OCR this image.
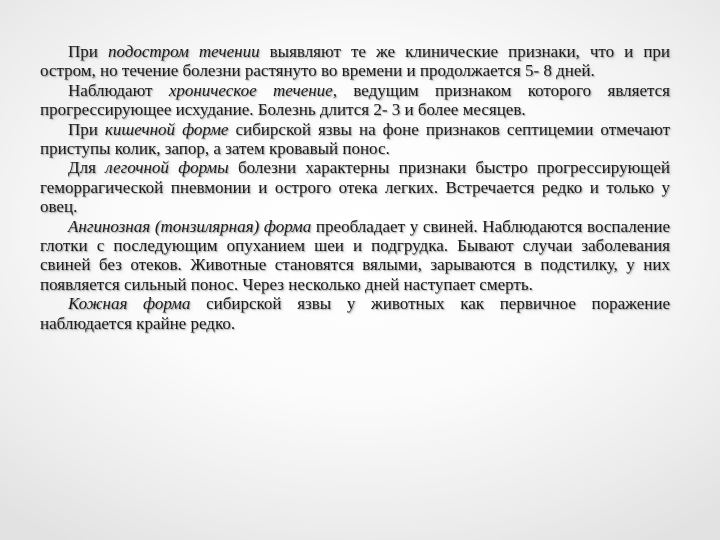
При подостром течении выявляют те же клинические признаки, что и при остром, но течение болезни растянуто во времени и продолжается 5- 8 дней.

Наблюдают хроническое течение, ведущим признаком которого является прогрессирующее исхудание. Болезнь длится 2- 3 и более месяцев.

При кишечной форме сибирской язвы на фоне признаков септицемии отмечают приступы колик, запор, а затем кровавый понос.

Для легочной формы болезни характерны признаки быстро прогрессирующей геморрагической пневмонии и острого отека легких. Встречается редко и только у овец.

Ангинозная (тонзилярная) форма преобладает у свиней. Наблюдаются воспаление глотки с последующим опуханием шеи и подгрудка. Бывают случаи заболевания свиней без отеков. Животные становятся вялыми, зарываются в подстилку, у них появляется сильный понос. Через несколько дней наступает смерть.

Кожная форма сибирской язвы у животных как первичное поражение наблюдается крайне редко.
